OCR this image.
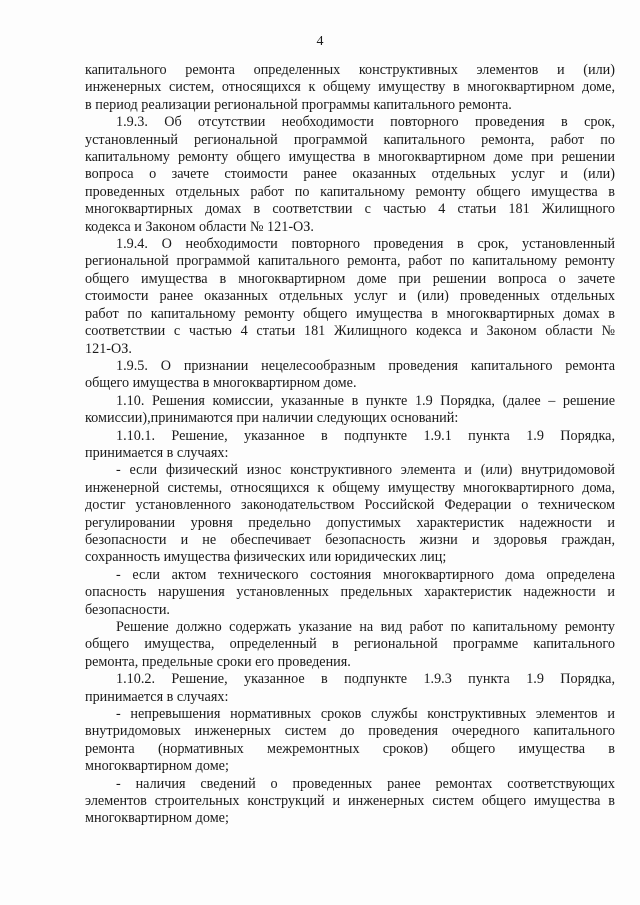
4
капитального ремонта определенных конструктивных элементов и (или)
инженерных систем, относящихся к общему имуществу в многоквартирном доме,
в период реализации региональной программы капитального ремонта.
1.9.3. Об отсутствии необходимости повторного проведения в срок,
установленный региональной программой капитального ремонта, работ по
капитальному ремонту общего имущества в многоквартирном доме при решении
вопроса о зачете стоимости ранее оказанных отдельных услуг и (или)
проведенных отдельных работ по капитальному ремонту общего имущества в
многоквартирных домах в соответствии с частью 4 статьи 181 Жилищного
кодекса и Законом области № 121-ОЗ.
1.9.4. О необходимости повторного проведения в срок, установленный
региональной программой капитального ремонта, работ по капитальному ремонту
общего имущества в многоквартирном доме при решении вопроса о зачете
стоимости ранее оказанных отдельных услуг и (или) проведенных отдельных
работ по капитальному ремонту общего имущества в многоквартирных домах в
соответствии с частью 4 статьи 181 Жилищного кодекса и Законом области №
121-ОЗ.
1.9.5. О признании нецелесообразным проведения капитального ремонта
общего имущества в многоквартирном доме.
1.10. Решения комиссии, указанные в пункте 1.9 Порядка, (далее – решение
комиссии),принимаются при наличии следующих оснований:
1.10.1. Решение, указанное в подпункте 1.9.1 пункта 1.9 Порядка,
принимается в случаях:
- если физический износ конструктивного элемента и (или) внутридомовой
инженерной системы, относящихся к общему имуществу многоквартирного дома,
достиг установленного законодательством Российской Федерации о техническом
регулировании уровня предельно допустимых характеристик надежности и
безопасности и не обеспечивает безопасность жизни и здоровья граждан,
сохранность имущества физических или юридических лиц;
- если актом технического состояния многоквартирного дома определена
опасность нарушения установленных предельных характеристик надежности и
безопасности.
Решение должно содержать указание на вид работ по капитальному ремонту
общего имущества, определенный в региональной программе капитального
ремонта, предельные сроки его проведения.
1.10.2. Решение, указанное в подпункте 1.9.3 пункта 1.9 Порядка,
принимается в случаях:
- непревышения нормативных сроков службы конструктивных элементов и
внутридомовых инженерных систем до проведения очередного капитального
ремонта (нормативных межремонтных сроков) общего имущества в
многоквартирном доме;
- наличия сведений о проведенных ранее ремонтах соответствующих
элементов строительных конструкций и инженерных систем общего имущества в
многоквартирном доме;
